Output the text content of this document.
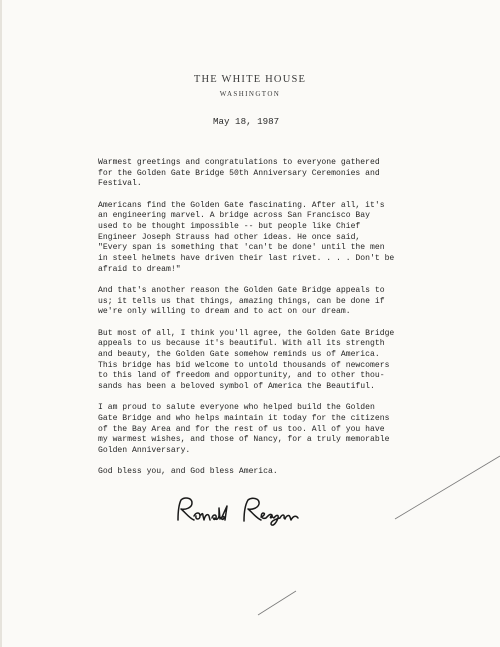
THE WHITE HOUSE
WASHINGTON
May 18, 1987

Warmest greetings and congratulations to everyone gathered
for the Golden Gate Bridge 50th Anniversary Ceremonies and
Festival.

Americans find the Golden Gate fascinating. After all, it's
an engineering marvel. A bridge across San Francisco Bay
used to be thought impossible -- but people like Chief
Engineer Joseph Strauss had other ideas. He once said,
"Every span is something that 'can't be done' until the men
in steel helmets have driven their last rivet. . . . Don't be
afraid to dream!"

And that's another reason the Golden Gate Bridge appeals to
us; it tells us that things, amazing things, can be done if
we're only willing to dream and to act on our dream.

But most of all, I think you'll agree, the Golden Gate Bridge
appeals to us because it's beautiful. With all its strength
and beauty, the Golden Gate somehow reminds us of America.
This bridge has bid welcome to untold thousands of newcomers
to this land of freedom and opportunity, and to other thou-
sands has been a beloved symbol of America the Beautiful.

I am proud to salute everyone who helped build the Golden
Gate Bridge and who helps maintain it today for the citizens
of the Bay Area and for the rest of us too. All of you have
my warmest wishes, and those of Nancy, for a truly memorable
Golden Anniversary.

God bless you, and God bless America.
